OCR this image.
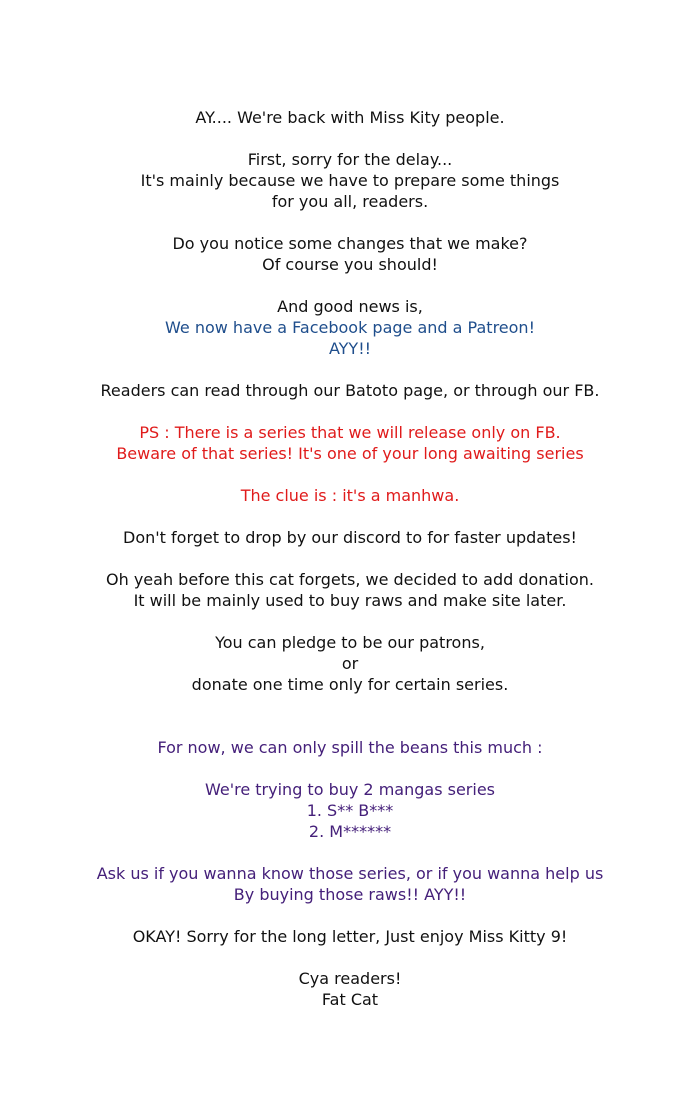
AY.... We're back with Miss Kity people.
First, sorry for the delay...
It's mainly because we have to prepare some things
for you all, readers.
Do you notice some changes that we make?
Of course you should!
And good news is,
We now have a Facebook page and a Patreon!
AYY!!
Readers can read through our Batoto page, or through our FB.
PS : There is a series that we will release only on FB.
Beware of that series! It's one of your long awaiting series
The clue is : it's a manhwa.
Don't forget to drop by our discord to for faster updates!
Oh yeah before this cat forgets, we decided to add donation.
It will be mainly used to buy raws and make site later.
You can pledge to be our patrons,
or
donate one time only for certain series.
For now, we can only spill the beans this much :
We're trying to buy 2 mangas series
1. S** B***
2. M******
Ask us if you wanna know those series, or if you wanna help us
By buying those raws!! AYY!!
OKAY! Sorry for the long letter, Just enjoy Miss Kitty 9!
Cya readers!
Fat Cat
